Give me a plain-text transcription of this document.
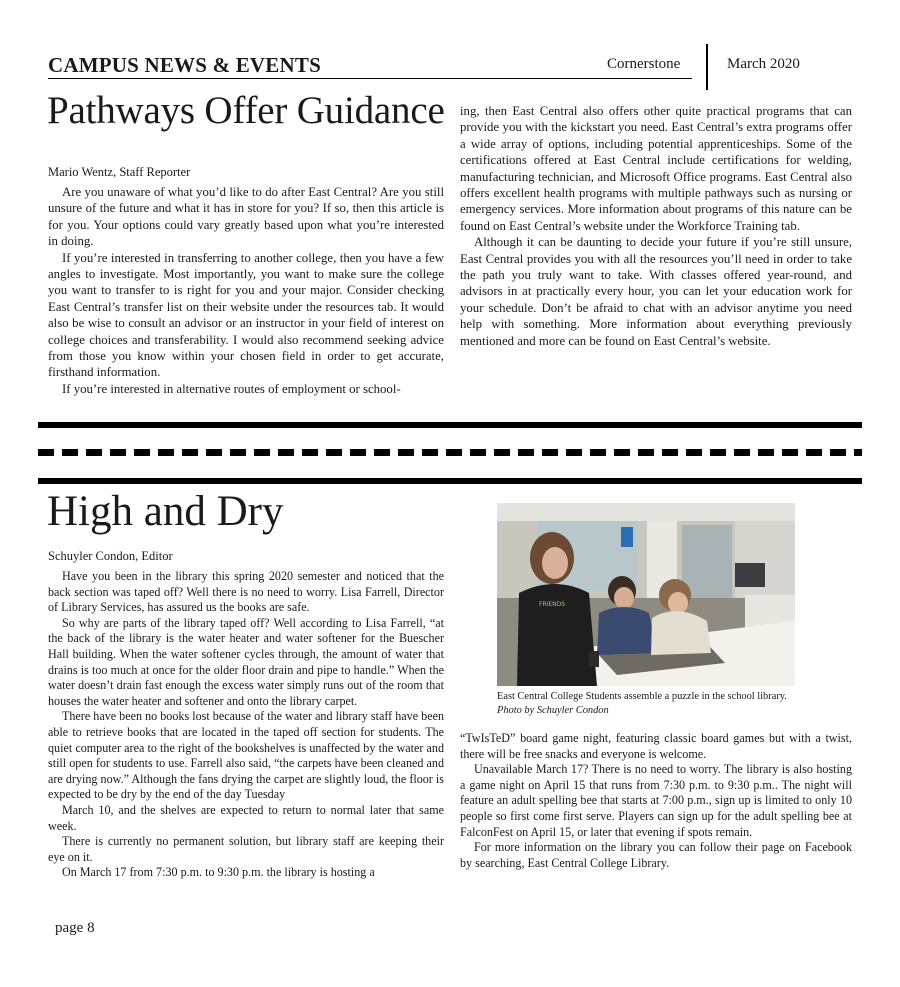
CAMPUS NEWS & EVENTS	Cornerstone	March 2020
Pathways Offer Guidance
Mario Wentz, Staff Reporter

Are you unaware of what you’d like to do after East Central? Are you still unsure of the future and what it has in store for you? If so, then this article is for you. Your options could vary greatly based upon what you’re interested in doing.

If you’re interested in transferring to another college, then you have a few angles to investigate. Most importantly, you want to make sure the college you want to transfer to is right for you and your major. Consider checking East Central’s transfer list on their website under the resources tab. It would also be wise to consult an advisor or an instructor in your field of interest on college choices and transferability. I would also recommend seeking advice from those you know within your chosen field in order to get accurate, firsthand information.

If you’re interested in alternative routes of employment or school-

ing, then East Central also offers other quite practical programs that can provide you with the kickstart you need. East Central’s extra programs offer a wide array of options, including potential apprenticeships. Some of the certifications offered at East Central include certifications for welding, manufacturing technician, and Microsoft Office programs. East Central also offers excellent health programs with multiple pathways such as nursing or emergency services. More information about programs of this nature can be found on East Central’s website under the Workforce Training tab.

Although it can be daunting to decide your future if you’re still unsure, East Central provides you with all the resources you’ll need in order to take the path you truly want to take. With classes offered year-round, and advisors in at practically every hour, you can let your education work for your schedule. Don’t be afraid to chat with an advisor anytime you need help with something. More information about everything previously mentioned and more can be found on East Central’s website.

High and Dry
Schuyler Condon, Editor

Have you been in the library this spring 2020 semester and noticed that the back section was taped off? Well there is no need to worry. Lisa Farrell, Director of Library Services, has assured us the books are safe.

So why are parts of the library taped off? Well according to Lisa Farrell, “at the back of the library is the water heater and water softener for the Buescher Hall building. When the water softener cycles through, the amount of water that drains is too much at once for the older floor drain and pipe to handle.” When the water doesn’t drain fast enough the excess water simply runs out of the room that houses the water heater and softener and onto the library carpet.

There have been no books lost because of the water and library staff have been able to retrieve books that are located in the taped off section for students. The quiet computer area to the right of the bookshelves is unaffected by the water and still open for students to use. Farrell also said, “the carpets have been cleaned and are drying now.” Although the fans drying the carpet are slightly loud, the floor is expected to be dry by the end of the day Tuesday

March 10, and the shelves are expected to return to normal later that same week.

There is currently no permanent solution, but library staff are keeping their eye on it.

On March 17 from 7:30 p.m. to 9:30 p.m. the library is hosting a

FRIENDS
East Central College Students assemble a puzzle in the school library. Photo by Schuyler Condon

“TwIsTeD” board game night, featuring classic board games but with a twist, there will be free snacks and everyone is welcome.

Unavailable March 17? There is no need to worry. The library is also hosting a game night on April 15 that runs from 7:30 p.m. to 9:30 p.m.. The night will feature an adult spelling bee that starts at 7:00 p.m., sign up is limited to only 10 people so first come first serve. Players can sign up for the adult spelling bee at FalconFest on April 15, or later that evening if spots remain.

For more information on the library you can follow their page on Facebook by searching, East Central College Library.

page 8
